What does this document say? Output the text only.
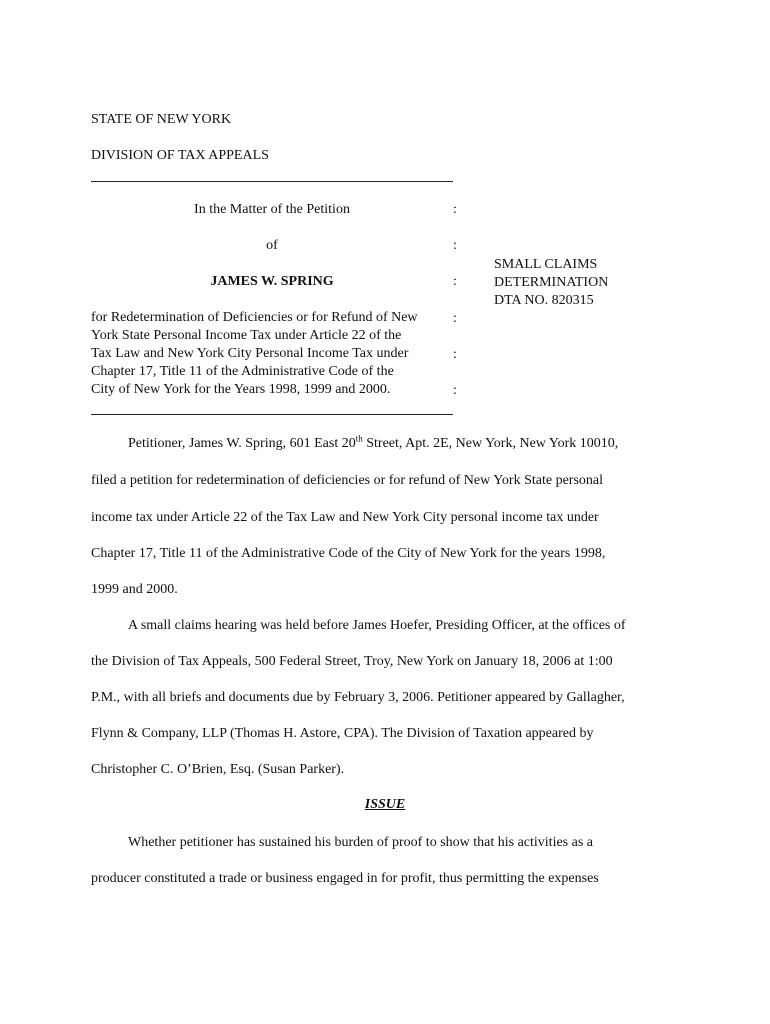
STATE OF NEW YORK
DIVISION OF TAX APPEALS
In the Matter of the Petition	:
of	:
JAMES W. SPRING	:
for Redetermination of Deficiencies or for Refund of New
York State Personal Income Tax under Article 22 of the
Tax Law and New York City Personal Income Tax under
Chapter 17, Title 11 of the Administrative Code of the
City of New York for the Years 1998, 1999 and 2000.
:
:
:
SMALL CLAIMS
DETERMINATION
DTA NO. 820315
Petitioner, James W. Spring, 601 East 20th Street, Apt. 2E, New York, New York 10010,
filed a petition for redetermination of deficiencies or for refund of New York State personal
income tax under Article 22 of the Tax Law and New York City personal income tax under
Chapter 17, Title 11 of the Administrative Code of the City of New York for the years 1998,
1999 and 2000.
A small claims hearing was held before James Hoefer, Presiding Officer, at the offices of
the Division of Tax Appeals, 500 Federal Street, Troy, New York on January 18, 2006 at 1:00
P.M., with all briefs and documents due by February 3, 2006. Petitioner appeared by Gallagher,
Flynn & Company, LLP (Thomas H. Astore, CPA). The Division of Taxation appeared by
Christopher C. O’Brien, Esq. (Susan Parker).
ISSUE
Whether petitioner has sustained his burden of proof to show that his activities as a
producer constituted a trade or business engaged in for profit, thus permitting the expenses
